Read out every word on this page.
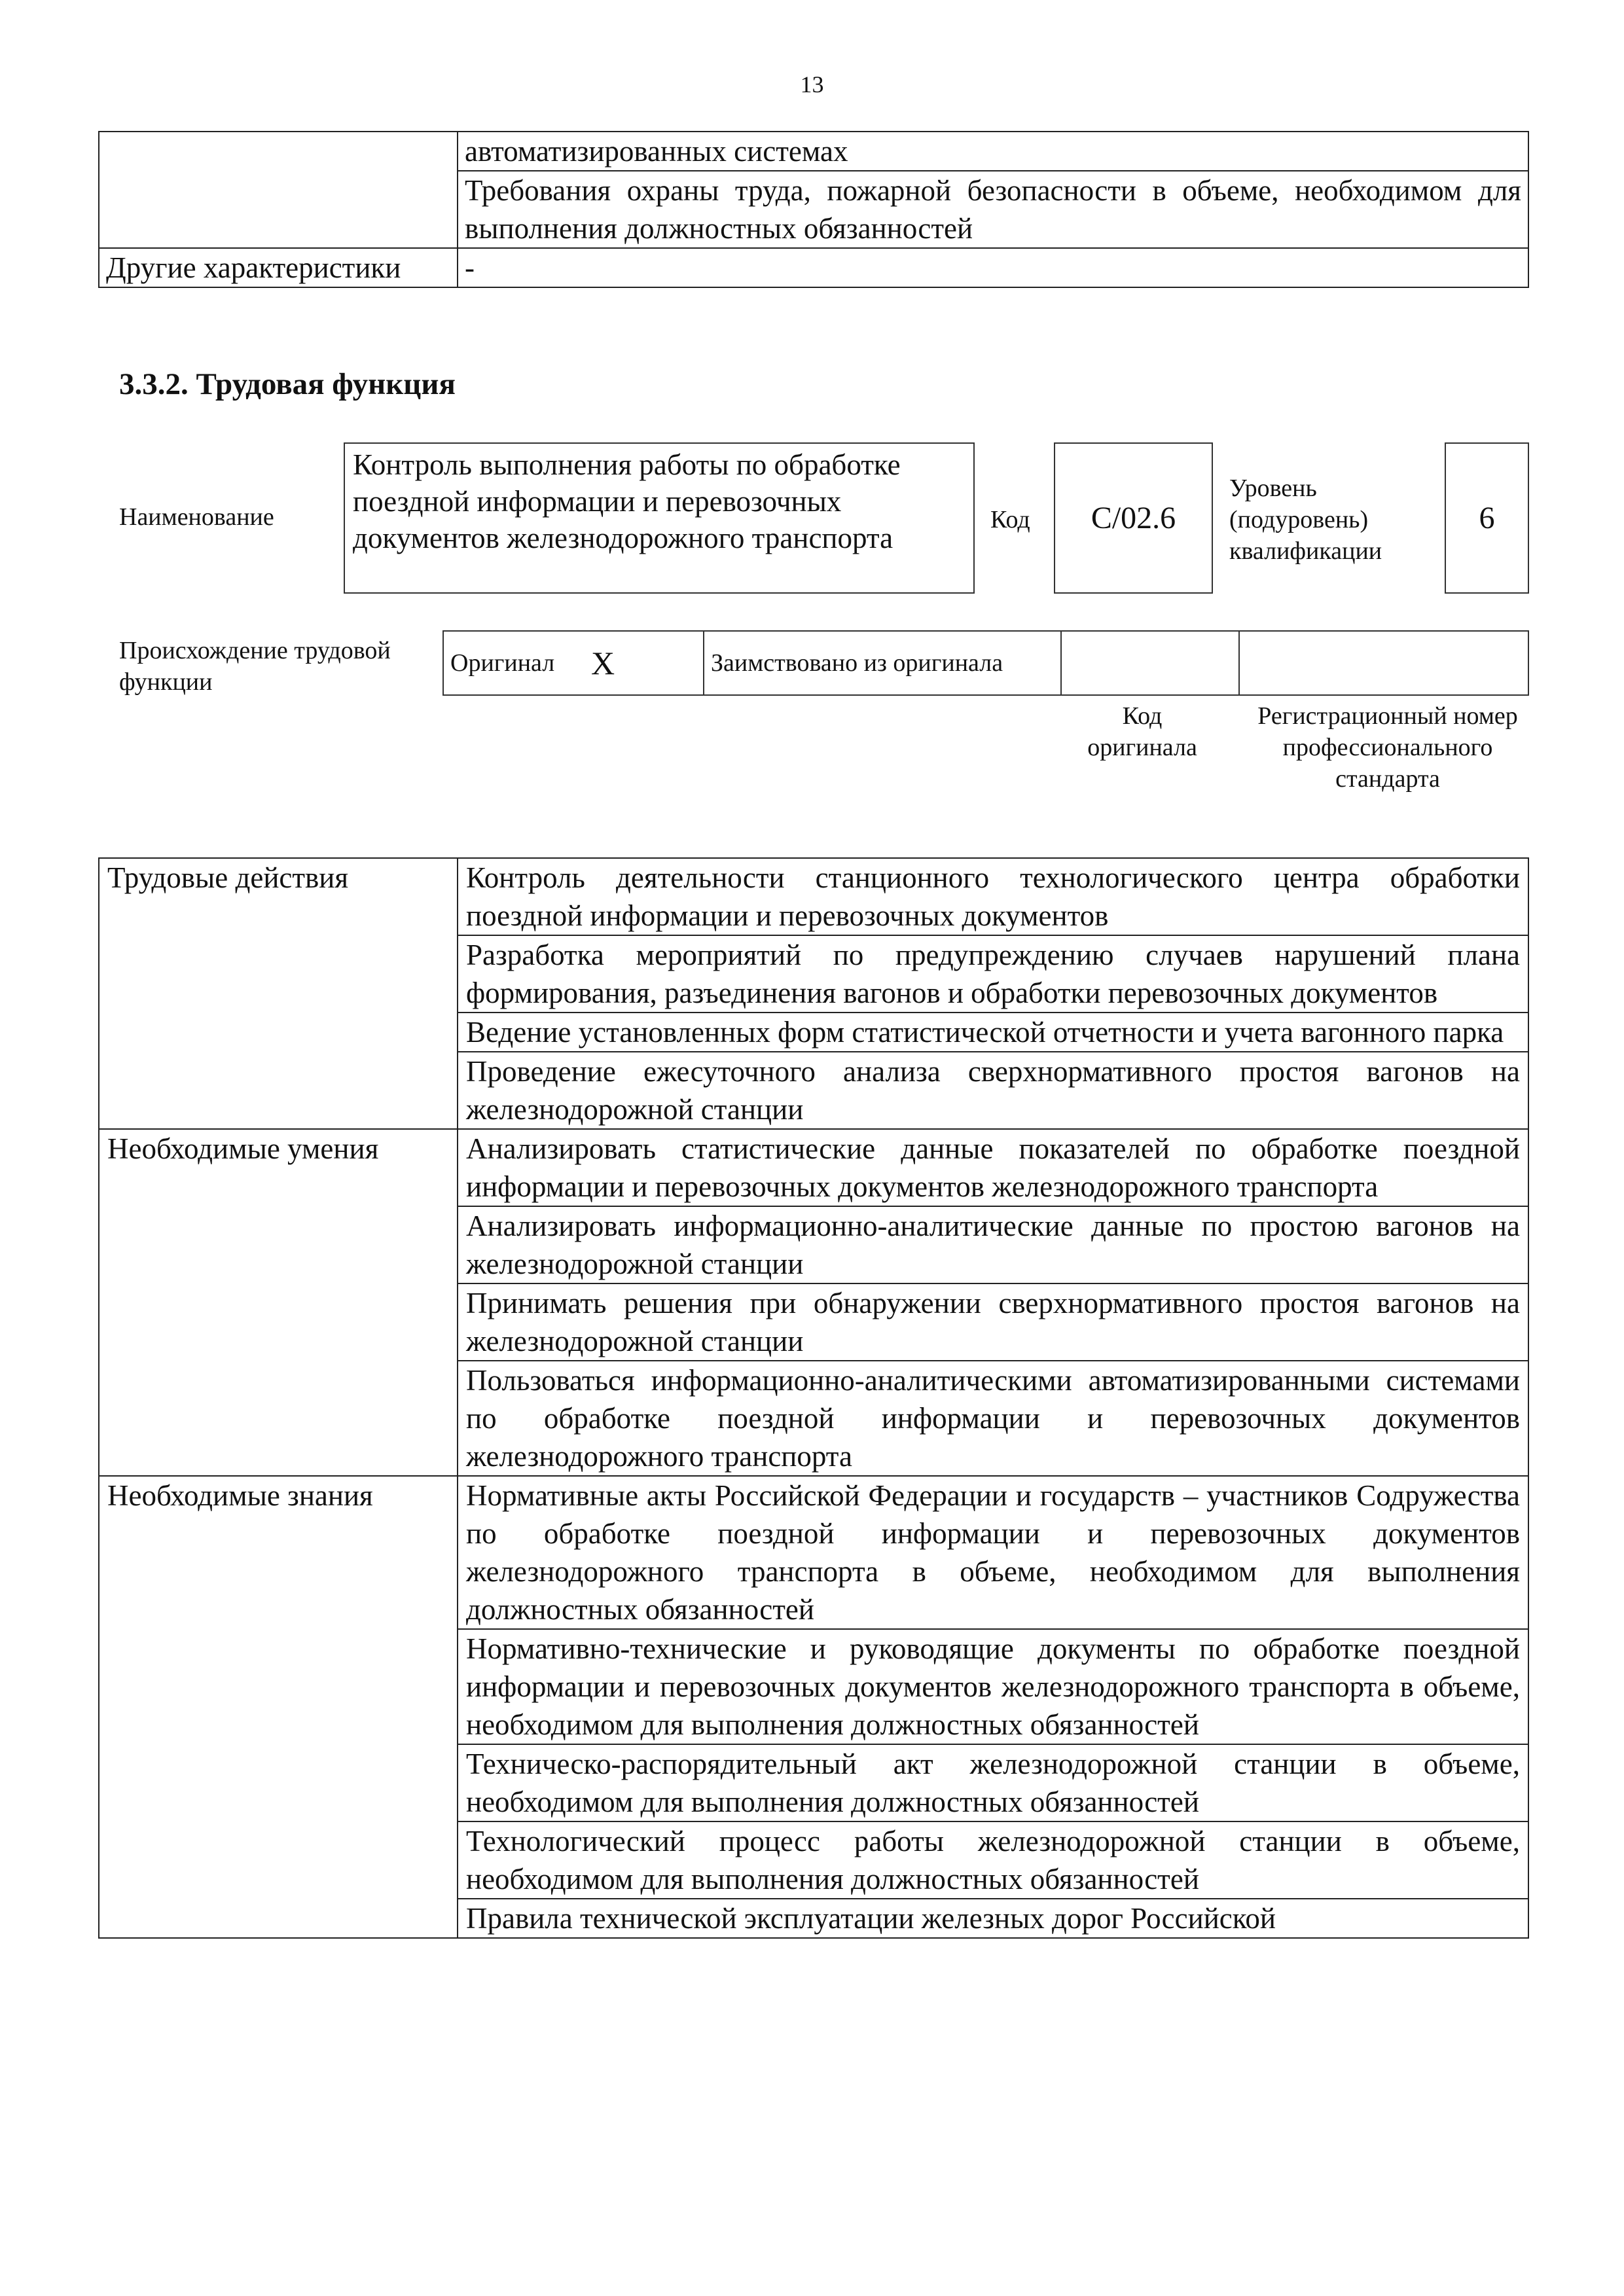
13
	автоматизированных системах
	Требования охраны труда, пожарной безопасности в объеме, необходимом для выполнения должностных обязанностей
Другие характеристики	-
3.3.2. Трудовая функция
Наименование
Контроль выполнения работы по обработке поездной информации и перевозочных документов железнодорожного транспорта
Код C/02.6
Уровень (подуровень) квалификации
6
Происхождение трудовой функции
Оригинал	X	Заимствовано из оригинала		
Код оригинала
Регистрационный номер профессионального стандарта
Трудовые действия	Контроль деятельности станционного технологического центра обработки поездной информации и перевозочных документов
	Разработка мероприятий по предупреждению случаев нарушений плана формирования, разъединения вагонов и обработки перевозочных документов
	Ведение установленных форм статистической отчетности и учета вагонного парка
	Проведение ежесуточного анализа сверхнормативного простоя вагонов на железнодорожной станции
Необходимые умения	Анализировать статистические данные показателей по обработке поездной информации и перевозочных документов железнодорожного транспорта
	Анализировать информационно-аналитические данные по простою вагонов на железнодорожной станции
	Принимать решения при обнаружении сверхнормативного простоя вагонов на железнодорожной станции
	Пользоваться информационно-аналитическими автоматизированными системами по обработке поездной информации и перевозочных документов железнодорожного транспорта
Необходимые знания	Нормативные акты Российской Федерации и государств – участников Содружества по обработке поездной информации и перевозочных документов железнодорожного транспорта в объеме, необходимом для выполнения должностных обязанностей
	Нормативно-технические и руководящие документы по обработке поездной информации и перевозочных документов железнодорожного транспорта в объеме, необходимом для выполнения должностных обязанностей
	Техническо-распорядительный акт железнодорожной станции в объеме, необходимом для выполнения должностных обязанностей
	Технологический процесс работы железнодорожной станции в объеме, необходимом для выполнения должностных обязанностей
	Правила технической эксплуатации железных дорог Российской
